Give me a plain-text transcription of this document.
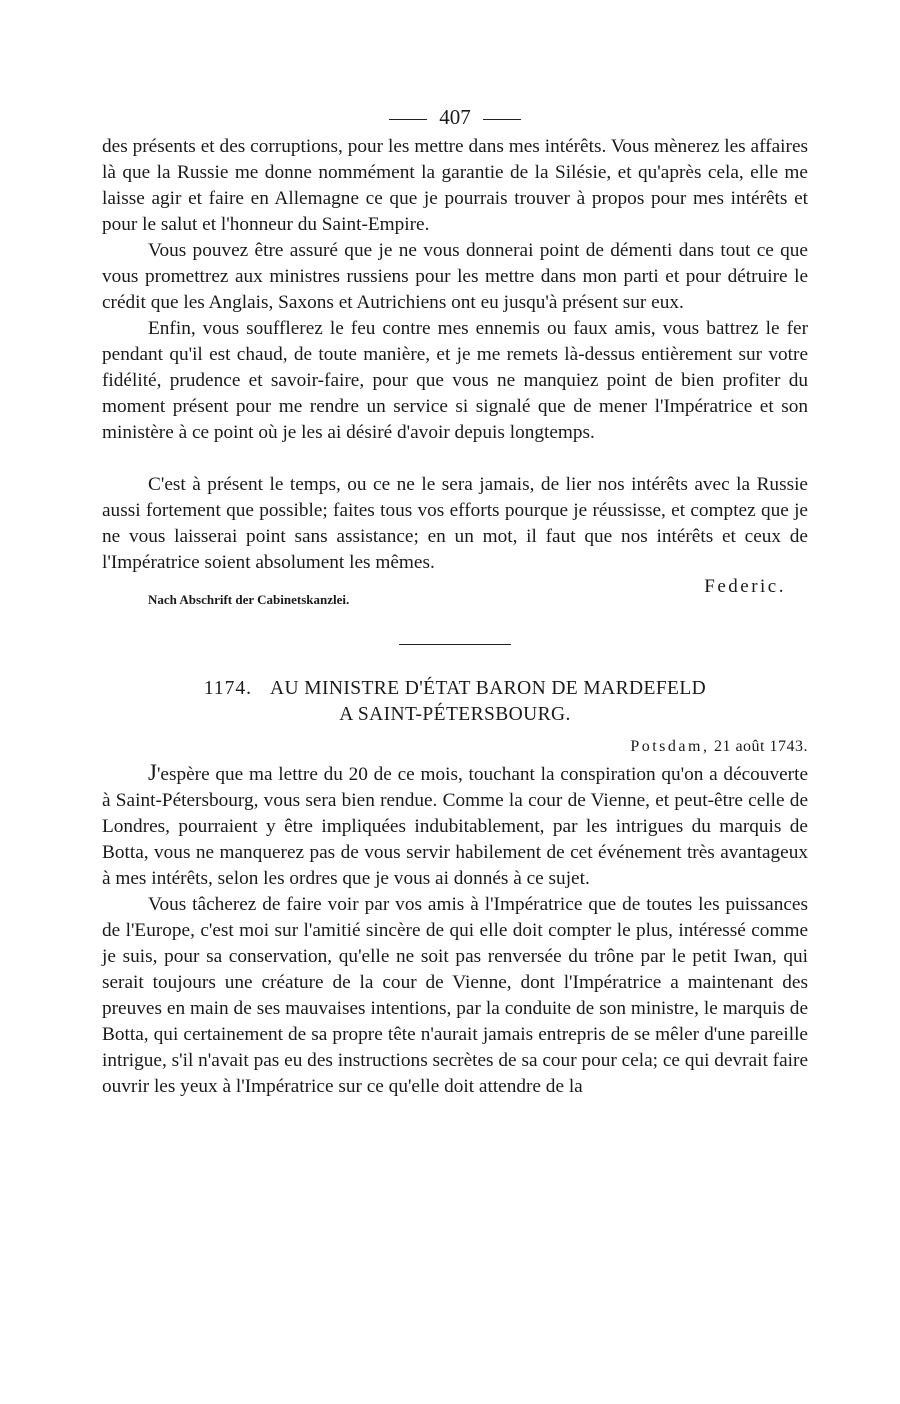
407

des présents et des corruptions, pour les mettre dans mes intérêts. Vous mènerez les affaires là que la Russie me donne nommément la garantie de la Silésie, et qu'après cela, elle me laisse agir et faire en Allemagne ce que je pourrais trouver à propos pour mes intérêts et pour le salut et l'honneur du Saint-Empire.

Vous pouvez être assuré que je ne vous donnerai point de démenti dans tout ce que vous promettrez aux ministres russiens pour les mettre dans mon parti et pour détruire le crédit que les Anglais, Saxons et Autrichiens ont eu jusqu'à présent sur eux.

Enfin, vous soufflerez le feu contre mes ennemis ou faux amis, vous battrez le fer pendant qu'il est chaud, de toute manière, et je me remets là-dessus entièrement sur votre fidélité, prudence et savoir-faire, pour que vous ne manquiez point de bien profiter du moment présent pour me rendre un service si signalé que de mener l'Impératrice et son ministère à ce point où je les ai désiré d'avoir depuis longtemps.

C'est à présent le temps, ou ce ne le sera jamais, de lier nos intérêts avec la Russie aussi fortement que possible; faites tous vos efforts pourque je réussisse, et comptez que je ne vous laisserai point sans assistance; en un mot, il faut que nos intérêts et ceux de l'Impératrice soient absolument les mêmes.

Federic.
Nach Abschrift der Cabinetskanzlei.
1174. AU MINISTRE D'ÉTAT BARON DE MARDEFELD
A SAINT-PÉTERSBOURG.
Potsdam, 21 août 1743.

J'espère que ma lettre du 20 de ce mois, touchant la conspiration qu'on a découverte à Saint-Pétersbourg, vous sera bien rendue. Comme la cour de Vienne, et peut-être celle de Londres, pourraient y être impliquées indubitablement, par les intrigues du marquis de Botta, vous ne manquerez pas de vous servir habilement de cet événement très avantageux à mes intérêts, selon les ordres que je vous ai donnés à ce sujet.

Vous tâcherez de faire voir par vos amis à l'Impératrice que de toutes les puissances de l'Europe, c'est moi sur l'amitié sincère de qui elle doit compter le plus, intéressé comme je suis, pour sa conservation, qu'elle ne soit pas renversée du trône par le petit Iwan, qui serait toujours une créature de la cour de Vienne, dont l'Impératrice a maintenant des preuves en main de ses mauvaises intentions, par la conduite de son ministre, le marquis de Botta, qui certainement de sa propre tête n'aurait jamais entrepris de se mêler d'une pareille intrigue, s'il n'avait pas eu des instructions secrètes de sa cour pour cela; ce qui devrait faire ouvrir les yeux à l'Impératrice sur ce qu'elle doit attendre de la
